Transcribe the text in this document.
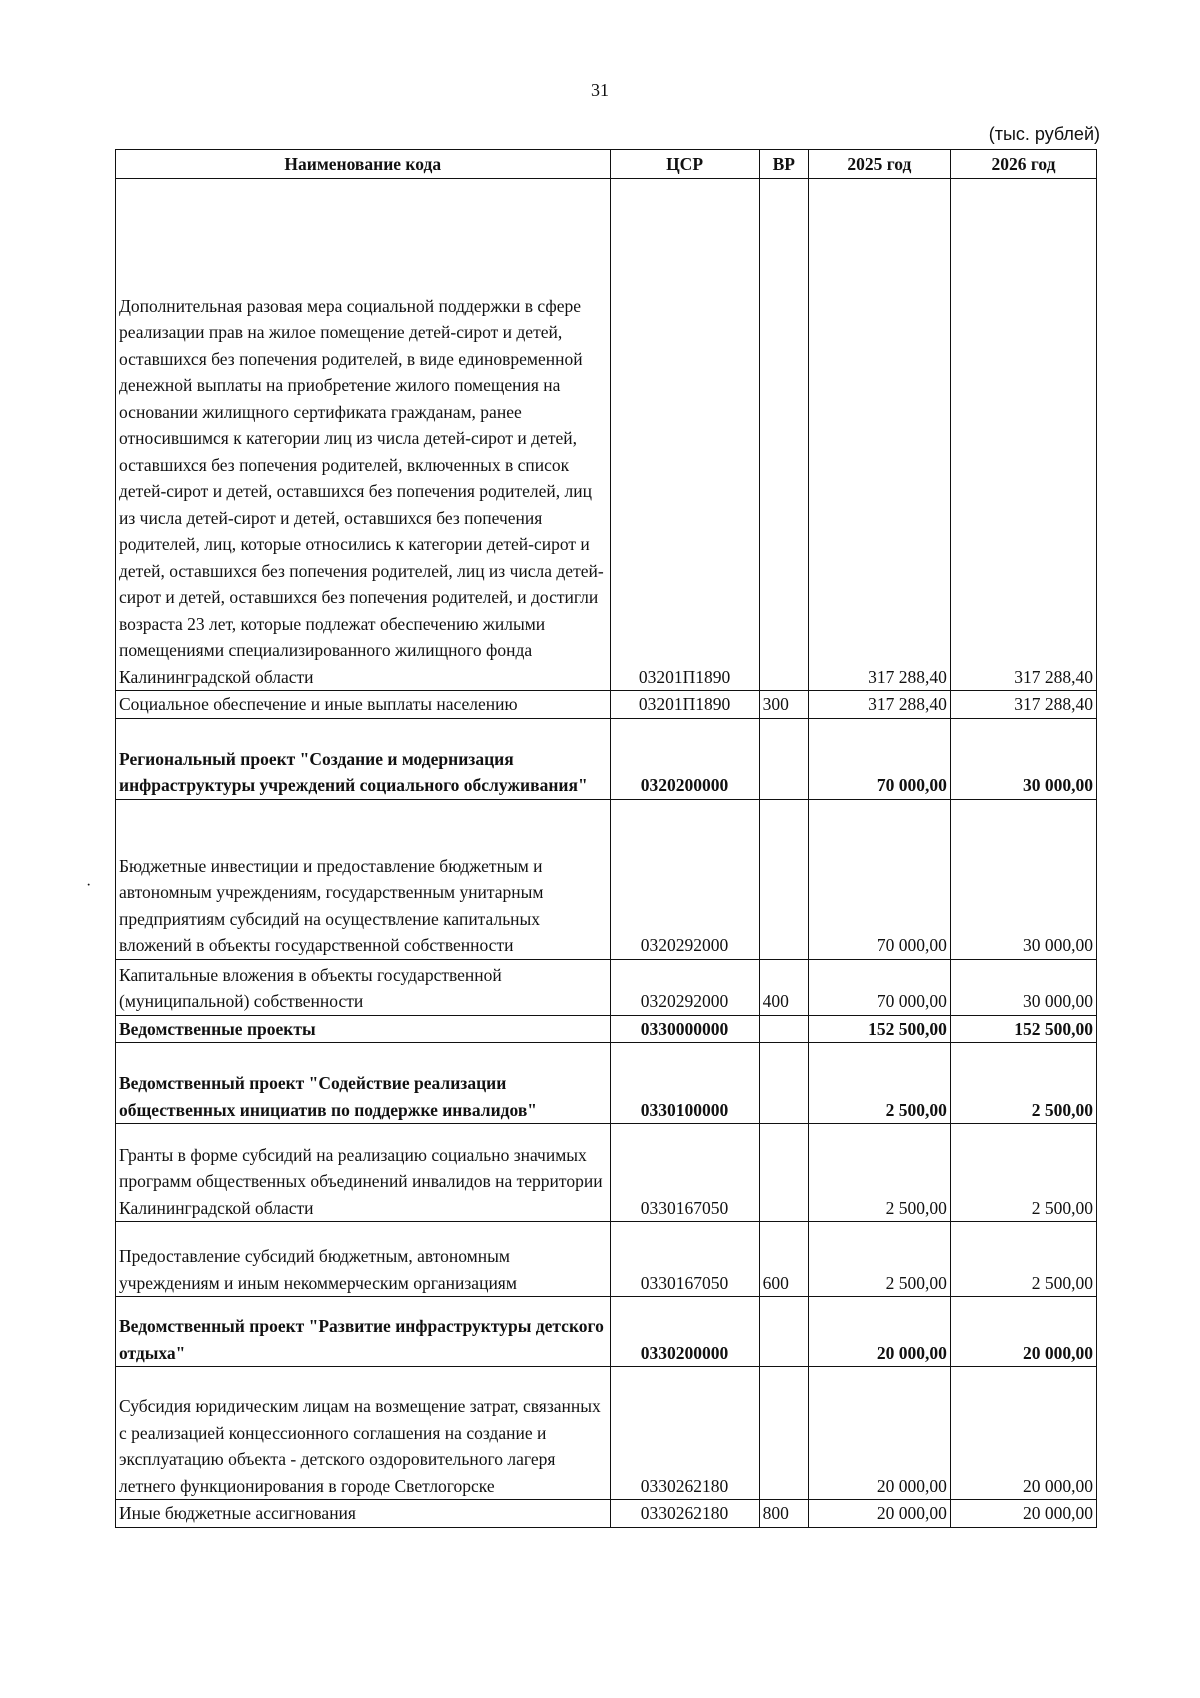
31
(тыс. рублей)
·
Наименование кода	ЦСР	ВР	2025 год	2026 год
Дополнительная разовая мера социальной поддержки в сфере реализации прав на жилое помещение детей-сирот и детей, оставшихся без попечения родителей, в виде единовременной денежной выплаты на приобретение жилого помещения на основании жилищного сертификата гражданам, ранее относившимся к категории лиц из числа детей-сирот и детей, оставшихся без попечения родителей, включенных в список детей-сирот и детей, оставшихся без попечения родителей, лиц из числа детей-сирот и детей, оставшихся без попечения родителей, лиц, которые относились к категории детей-сирот и детей, оставшихся без попечения родителей, лиц из числа детей-сирот и детей, оставшихся без попечения родителей, и достигли возраста 23 лет, которые подлежат обеспечению жилыми помещениями специализированного жилищного фонда Калининградской области	03201П1890		317 288,40	317 288,40
Социальное обеспечение и иные выплаты населению	03201П1890	300	317 288,40	317 288,40
Региональный проект "Создание и модернизация инфраструктуры учреждений социального обслуживания"	0320200000		70 000,00	30 000,00
Бюджетные инвестиции и предоставление бюджетным и автономным учреждениям, государственным унитарным предприятиям субсидий на осуществление капитальных вложений в объекты государственной собственности	0320292000		70 000,00	30 000,00
Капитальные вложения в объекты государственной (муниципальной) собственности	0320292000	400	70 000,00	30 000,00
Ведомственные проекты	0330000000		152 500,00	152 500,00
Ведомственный проект "Содействие реализации общественных инициатив по поддержке инвалидов"	0330100000		2 500,00	2 500,00
Гранты в форме субсидий на реализацию социально значимых программ общественных объединений инвалидов на территории Калининградской области	0330167050		2 500,00	2 500,00
Предоставление субсидий бюджетным, автономным учреждениям и иным некоммерческим организациям	0330167050	600	2 500,00	2 500,00
Ведомственный проект "Развитие инфраструктуры детского отдыха"	0330200000		20 000,00	20 000,00
Субсидия юридическим лицам на возмещение затрат, связанных с реализацией концессионного соглашения на создание и эксплуатацию объекта - детского оздоровительного лагеря летнего функционирования в городе Светлогорске	0330262180		20 000,00	20 000,00
Иные бюджетные ассигнования	0330262180	800	20 000,00	20 000,00
